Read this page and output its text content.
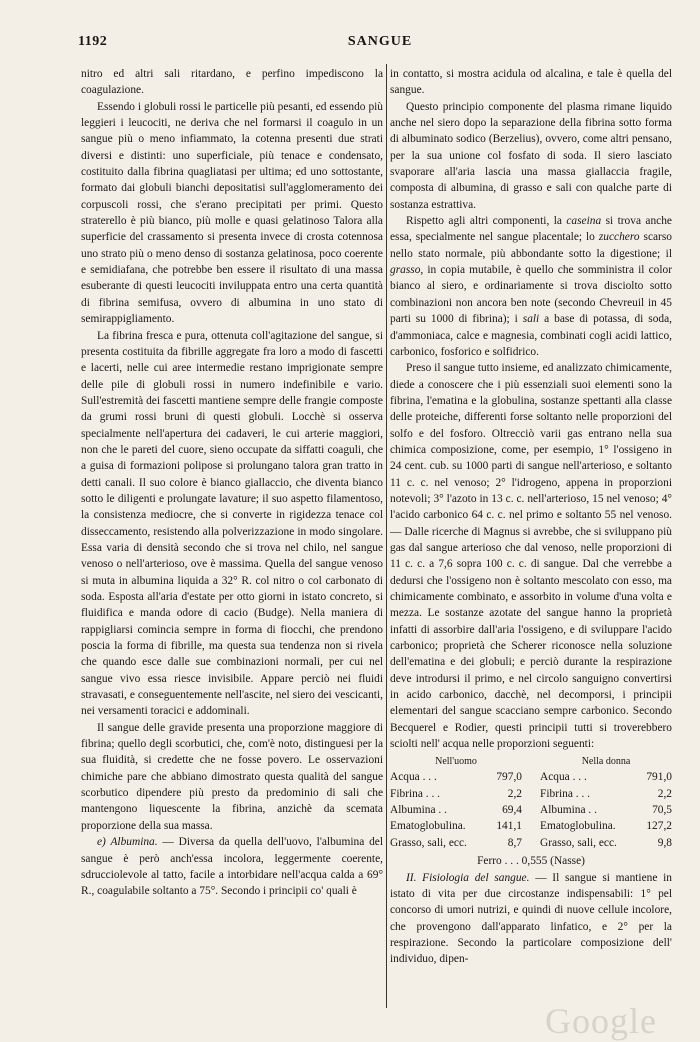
1192	SANGUE

nitro ed altri sali ritardano, e perfino impediscono la coagulazione.

Essendo i globuli rossi le particelle più pesanti, ed essendo più leggieri i leucociti, ne deriva che nel formarsi il coagulo in un sangue più o meno infiammato, la cotenna presenti due strati diversi e distinti: uno superficiale, più tenace e condensato, costituito dalla fibrina quagliatasi per ultima; ed uno sottostante, formato dai globuli bianchi depositatisi sull'agglomeramento dei corpuscoli rossi, che s'erano precipitati per primi. Questo straterello è più bianco, più molle e quasi gelatinoso Talora alla superficie del crassamento si presenta invece di crosta cotennosa uno strato più o meno denso di sostanza gelatinosa, poco coerente e semidiafana, che potrebbe ben essere il risultato di una massa esuberante di questi leucociti inviluppata entro una certa quantità di fibrina semifusa, ovvero di albumina in uno stato di semirappigliamento.

La fibrina fresca e pura, ottenuta coll'agitazione del sangue, si presenta costituita da fibrille aggregate fra loro a modo di fascetti e lacerti, nelle cui aree intermedie restano imprigionate sempre delle pile di globuli rossi in numero indefinibile e vario. Sull'estremità dei fascetti mantiene sempre delle frangie composte da grumi rossi bruni di questi globuli. Locchè si osserva specialmente nell'apertura dei cadaveri, le cui arterie maggiori, non che le pareti del cuore, sieno occupate da siffatti coaguli, che a guisa di formazioni polipose si prolungano talora gran tratto in detti canali. Il suo colore è bianco giallaccio, che diventa bianco sotto le diligenti e prolungate lavature; il suo aspetto filamentoso, la consistenza mediocre, che si converte in rigidezza tenace col disseccamento, resistendo alla polverizzazione in modo singolare. Essa varia di densità secondo che si trova nel chilo, nel sangue venoso o nell'arterioso, ove è massima. Quella del sangue venoso si muta in albumina liquida a 32° R. col nitro o col carbonato di soda. Esposta all'aria d'estate per otto giorni in istato concreto, si fluidifica e manda odore di cacio (Budge). Nella maniera di rappigliarsi comincia sempre in forma di fiocchi, che prendono poscia la forma di fibrille, ma questa sua tendenza non si rivela che quando esce dalle sue combinazioni normali, per cui nel sangue vivo essa riesce invisibile. Appare perciò nei fluidi stravasati, e conseguentemente nell'ascite, nel siero dei vescicanti, nei versamenti toracici e addominali.

Il sangue delle gravide presenta una proporzione maggiore di fibrina; quello degli scorbutici, che, com'è noto, distinguesi per la sua fluidità, si credette che ne fosse povero. Le osservazioni chimiche pare che abbiano dimostrato questa qualità del sangue scorbutico dipendere più presto da predominio di sali che mantengono liquescente la fibrina, anzichè da scemata proporzione della sua massa.

e) Albumina. — Diversa da quella dell'uovo, l'albumina del sangue è però anch'essa incolora, leggermente coerente, sdrucciolevole al tatto, facile a intorbidare nell'acqua calda a 69° R., coagulabile soltanto a 75°. Secondo i principii co' quali è

in contatto, si mostra acidula od alcalina, e tale è quella del sangue.

Questo principio componente del plasma rimane liquido anche nel siero dopo la separazione della fibrina sotto forma di albuminato sodico (Berzelius), ovvero, come altri pensano, per la sua unione col fosfato di soda. Il siero lasciato svaporare all'aria lascia una massa giallaccia fragile, composta di albumina, di grasso e sali con qualche parte di sostanza estrattiva.

Rispetto agli altri componenti, la caseina si trova anche essa, specialmente nel sangue placentale; lo zucchero scarso nello stato normale, più abbondante sotto la digestione; il grasso, in copia mutabile, è quello che somministra il color bianco al siero, e ordinariamente si trova disciolto sotto combinazioni non ancora ben note (secondo Chevreuil in 45 parti su 1000 di fibrina); i sali a base di potassa, di soda, d'ammoniaca, calce e magnesia, combinati cogli acidi lattico, carbonico, fosforico e solfidrico.

Preso il sangue tutto insieme, ed analizzato chimicamente, diede a conoscere che i più essenziali suoi elementi sono la fibrina, l'ematina e la globulina, sostanze spettanti alla classe delle proteiche, differenti forse soltanto nelle proporzioni del solfo e del fosforo. Oltrecciò varii gas entrano nella sua chimica composizione, come, per esempio, 1° l'ossigeno in 24 cent. cub. su 1000 parti di sangue nell'arterioso, e soltanto 11 c. c. nel venoso; 2° l'idrogeno, appena in proporzioni notevoli; 3° l'azoto in 13 c. c. nell'arterioso, 15 nel venoso; 4° l'acido carbonico 64 c. c. nel primo e soltanto 55 nel venoso. — Dalle ricerche di Magnus si avrebbe, che si sviluppano più gas dal sangue arterioso che dal venoso, nelle proporzioni di 11 c. c. a 7,6 sopra 100 c. c. di sangue. Dal che verrebbe a dedursi che l'ossigeno non è soltanto mescolato con esso, ma chimicamente combinato, e assorbito in volume d'una volta e mezza. Le sostanze azotate del sangue hanno la proprietà infatti di assorbire dall'aria l'ossigeno, e di sviluppare l'acido carbonico; proprietà che Scherer riconosce nella soluzione dell'ematina e dei globuli; e perciò durante la respirazione deve introdursi il primo, e nel circolo sanguigno convertirsi in acido carbonico, dacchè, nel decomporsi, i principii elementari del sangue scacciano sempre carbonico. Secondo Becquerel e Rodier, questi principii tutti si troverebbero sciolti nell' acqua nelle proporzioni seguenti:

Nell'uomo
Acqua . . .	797,0
Fibrina . . .	2,2
Albumina . .	69,4
Ematoglobulina.	141,1
Grasso, sali, ecc.	8,7
Nella donna
Acqua . . .	791,0
Fibrina . . .	2,2
Albumina . .	70,5
Ematoglobulina.	127,2
Grasso, sali, ecc.	9,8

Ferro . . . 0,555 (Nasse)

II. Fisiologia del sangue. — Il sangue si mantiene in istato di vita per due circostanze indispensabili: 1° pel concorso di umori nutrizi, e quindi di nuove cellule incolore, che provengono dall'apparato linfatico, e 2° per la respirazione. Secondo la particolare composizione dell' individuo, dipen-

Google
